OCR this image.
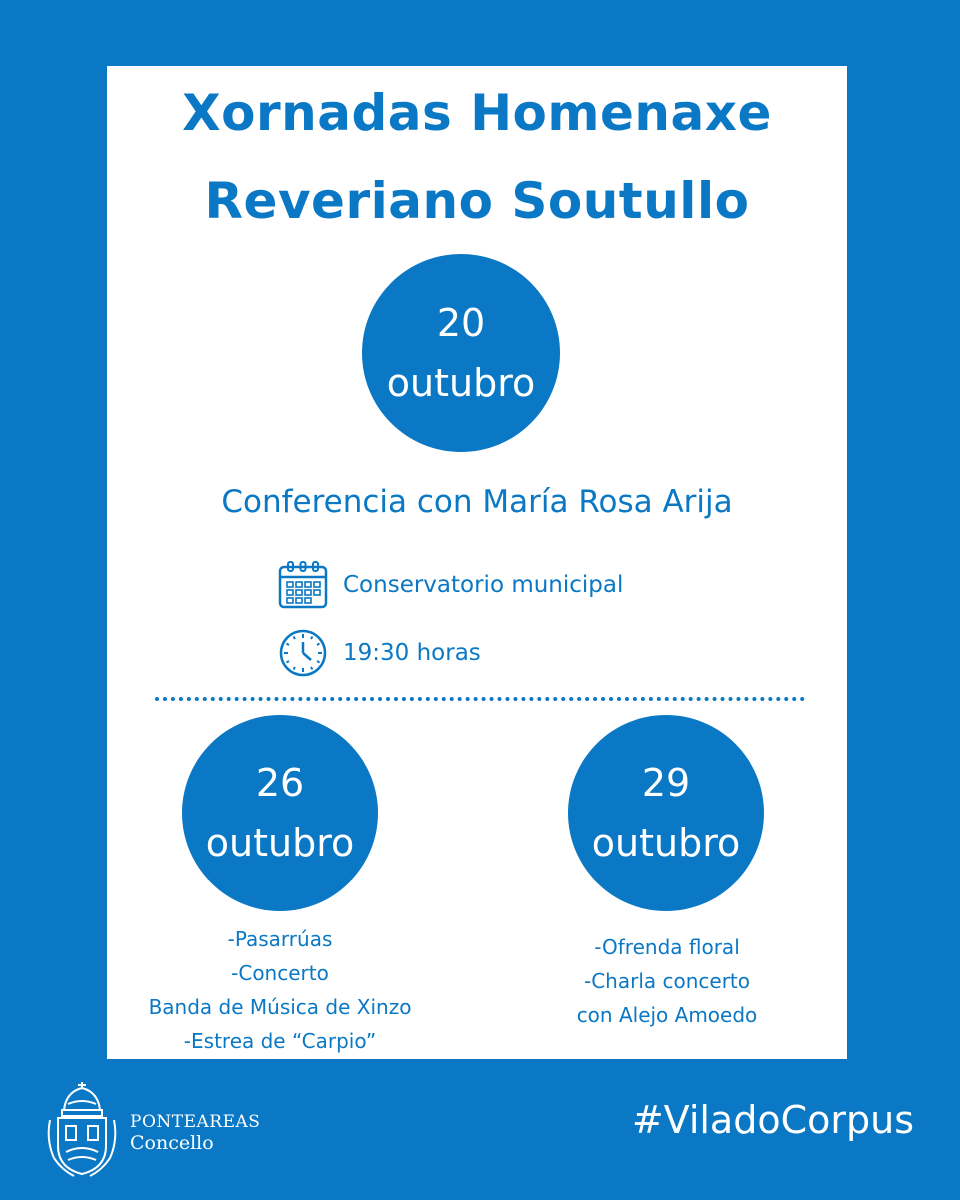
Xornadas Homenaxe
Reveriano Soutullo
20
outubro
Conferencia con María Rosa Arija
Conservatorio municipal
19:30 horas
26
outubro
29
outubro
-Pasarrúas
-Concerto
Banda de Música de Xinzo
-Estrea de “Carpio”
-Ofrenda floral
-Charla concerto
con Alejo Amoedo
PONTEAREAS
Concello
#ViladoCorpus
